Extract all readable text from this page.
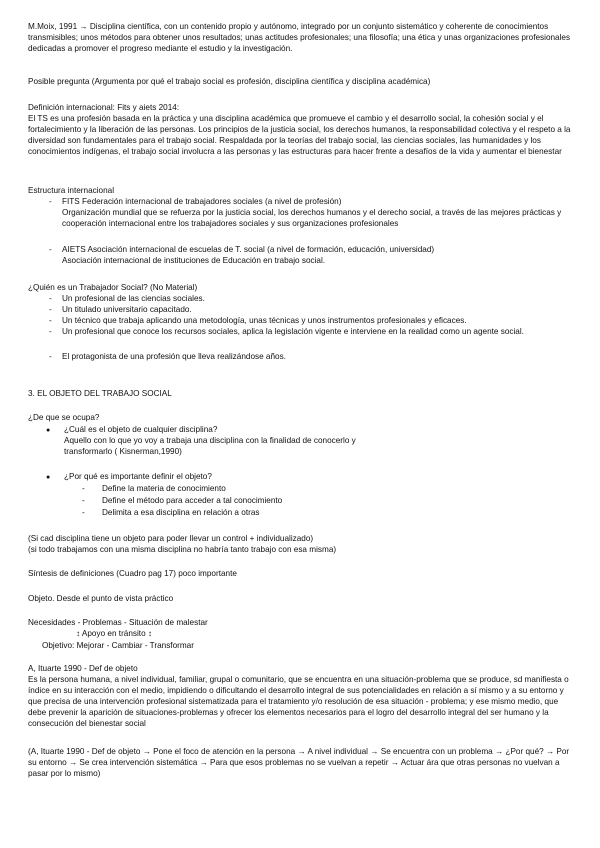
M.Moix, 1991 → Disciplina científica, con un contenido propio y autónomo, integrado por un conjunto sistemático y coherente de conocimientos transmisibles; unos métodos para obtener unos resultados; unas actitudes profesionales; una filosofía; una ética y unas organizaciones profesionales dedicadas a promover el progreso mediante el estudio y la investigación.

Posible pregunta (Argumenta por qué el trabajo social es profesión, disciplina científica y disciplina académica)

Definición internacional: Fits y aiets 2014:

El TS es una profesión basada en la práctica y una disciplina académica que promueve el cambio y el desarrollo social, la cohesión social y el fortalecimiento y la liberación de las personas. Los principios de la justicia social, los derechos humanos, la responsabilidad colectiva y el respeto a la diversidad son fundamentales para el trabajo social. Respaldada por la teorías del trabajo social, las ciencias sociales, las humanidades y los conocimientos indígenas, el trabajo social involucra a las personas y las estructuras para hacer frente a desafíos de la vida y aumentar el bienestar

Estructura internacional

- FITS Federación internacional de trabajadores sociales (a nivel de profesión)

Organización mundial que se refuerza por la justicia social, los derechos humanos y el derecho social, a través de las mejores prácticas y cooperación internacional entre los trabajadores sociales y sus organizaciones profesionales

- AIETS Asociación internacional de escuelas de T. social (a nivel de formación, educación, universidad)

Asociación internacional de instituciones de Educación en trabajo social.

¿Quién es un Trabajador Social? (No Material)

- Un profesional de las ciencias sociales.

- Un titulado universitario capacitado.

- Un técnico que trabaja aplicando una metodología, unas técnicas y unos instrumentos profesionales y eficaces.

- Un profesional que conoce los recursos sociales, aplica la legislación vigente e interviene en la realidad como un agente social.

- El protagonista de una profesión que lleva realizándose años.

3. EL OBJETO DEL TRABAJO SOCIAL

¿De que se ocupa?

● ¿Cuál es el objeto de cualquier disciplina?

Aquello con lo que yo voy a trabaja una disciplina con la finalidad de conocerlo y transformarlo ( Kisnerman,1990)

● ¿Por qué es importante definir el objeto?

- Define la materia de conocimiento

- Define el método para acceder a tal conocimiento

- Delimita a esa disciplina en relación a otras

(Si cad disciplina tiene un objeto para poder llevar un control + individualizado)

(si todo trabajamos con una misma disciplina no habría tanto trabajo con esa misma)

Síntesis de definiciones (Cuadro pag 17) poco importante

Objeto. Desde el punto de vista práctico

Necesidades - Problemas - Situación de malestar

↕ Apoyo en tránsito ↕
Objetivo: Mejorar - Cambiar - Transformar

A, Ituarte 1990 - Def de objeto

Es la persona humana, a nivel individual, familiar, grupal o comunitario, que se encuentra en una situación-problema que se produce, sd manifiesta o índice en su interacción con el medio, impidiendo o dificultando el desarrollo integral de sus potencialidades en relación a sí mismo y a su entorno y que precisa de una intervención profesional sistematizada para el tratamiento y/o resolución de esa situación - problema; y ese mismo medio, que debe prevenir la aparición de situaciones-problemas y ofrecer los elementos necesarios para el logro del desarrollo integral del ser humano y la consecución del bienestar social

(A, Ituarte 1990 - Def de objeto → Pone el foco de atención en la persona → A nivel individual → Se encuentra con un problema → ¿Por qué? → Por su entorno → Se crea intervención sistemática → Para que esos problemas no se vuelvan a repetir → Actuar ára que otras personas no vuelvan a pasar por lo mismo)
